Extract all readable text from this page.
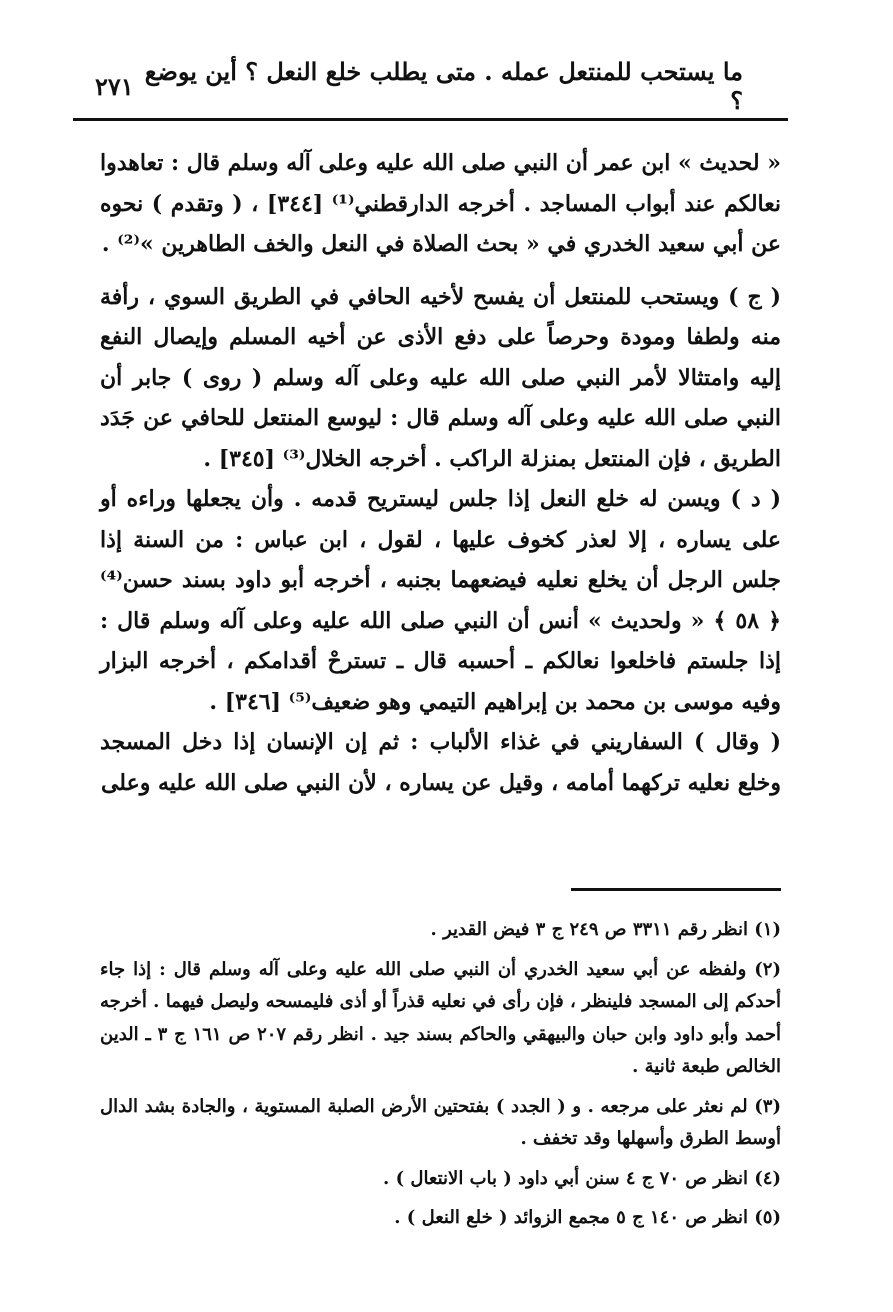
ما يستحب للمنتعل عمله . متى يطلب خلع النعل ؟ أين يوضع ؟
٢٧١

« لحديث » ابن عمر أن النبي صلى الله عليه وعلى آله وسلم قال : تعاهدوا نعالكم عند أبواب المساجد . أخرجه الدارقطني⁽¹⁾ [٣٤٤] ، ( وتقدم ) نحوه عن أبي سعيد الخدري في « بحث الصلاة في النعل والخف الطاهرين »⁽²⁾ .

( ج ) ويستحب للمنتعل أن يفسح لأخيه الحافي في الطريق السوي ، رأفة منه ولطفا ومودة وحرصاً على دفع الأذى عن أخيه المسلم وإيصال النفع إليه وامتثالا لأمر النبي صلى الله عليه وعلى آله وسلم ( روى ) جابر أن النبي صلى الله عليه وعلى آله وسلم قال : ليوسع المنتعل للحافي عن جَدَد الطريق ، فإن المنتعل بمنزلة الراكب . أخرجه الخلال⁽³⁾ [٣٤٥] .

( د ) ويسن له خلع النعل إذا جلس ليستريح قدمه . وأن يجعلها وراءه أو على يساره ، إلا لعذر كخوف عليها ، لقول ، ابن عباس : من السنة إذا جلس الرجل أن يخلع نعليه فيضعهما بجنبه ، أخرجه أبو داود بسند حسن⁽⁴⁾ ﴿ ٥٨ ﴾ « ولحديث » أنس أن النبي صلى الله عليه وعلى آله وسلم قال : إذا جلستم فاخلعوا نعالكم ـ أحسبه قال ـ تسترحْ أقدامكم ، أخرجه البزار وفيه موسى بن محمد بن إبراهيم التيمي وهو ضعيف⁽⁵⁾ [٣٤٦] .

( وقال ) السفاريني في غذاء الألباب : ثم إن الإنسان إذا دخل المسجد وخلع نعليه تركهما أمامه ، وقيل عن يساره ، لأن النبي صلى الله عليه وعلى

(١) انظر رقم ٣٣١١ ص ٢٤٩ ج ٣ فيض القدير .

(٢) ولفظه عن أبي سعيد الخدري أن النبي صلى الله عليه وعلى آله وسلم قال : إذا جاء أحدكم إلى المسجد فلينظر ، فإن رأى في نعليه قذراً أو أذى فليمسحه وليصل فيهما . أخرجه أحمد وأبو داود وابن حبان والبيهقي والحاكم بسند جيد . انظر رقم ٢٠٧ ص ١٦١ ج ٣ ـ الدين الخالص طبعة ثانية .

(٣) لم نعثر على مرجعه . و ( الجدد ) بفتحتين الأرض الصلبة المستوية ، والجادة بشد الدال أوسط الطرق وأسهلها وقد تخفف .

(٤) انظر ص ٧٠ ج ٤ سنن أبي داود ( باب الانتعال ) .

(٥) انظر ص ١٤٠ ج ٥ مجمع الزوائد ( خلع النعل ) .
